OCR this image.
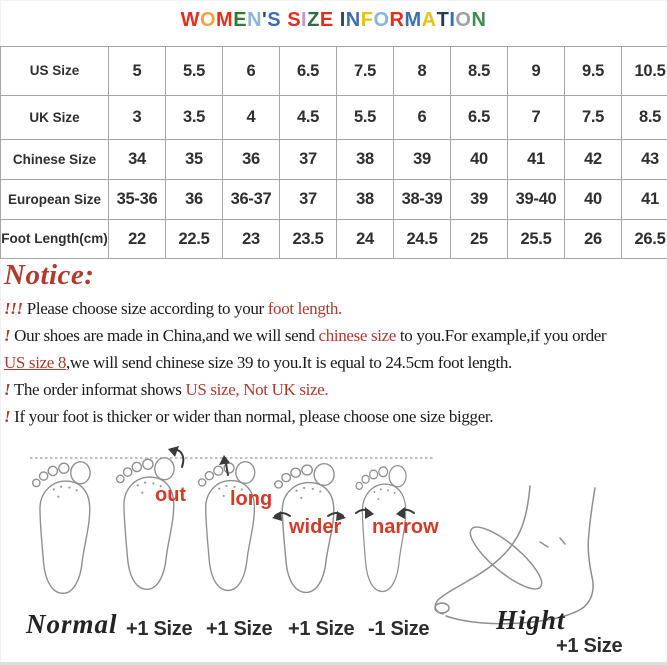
WOMEN'S SIZE INFORMATION
US Size	5	5.5	6	6.5	7.5	8	8.5	9	9.5	10.5
UK Size	3	3.5	4	4.5	5.5	6	6.5	7	7.5	8.5
Chinese Size	34	35	36	37	38	39	40	41	42	43
European Size	35-36	36	36-37	37	38	38-39	39	39-40	40	41
Foot Length(cm)	22	22.5	23	23.5	24	24.5	25	25.5	26	26.5
Notice:
!!! Please choose size according to your foot length.
! Our shoes are made in China,and we will send chinese size to you.For example,if you order
US size 8,we will send chinese size 39 to you.It is equal to 24.5cm foot length.
! The order informat shows US size, Not UK size.
! If your foot is thicker or wider than normal, please choose one size bigger.
out long
wider narrow
Normal +1 Size +1 Size +1 Size -1 Size Hight
+1 Size
